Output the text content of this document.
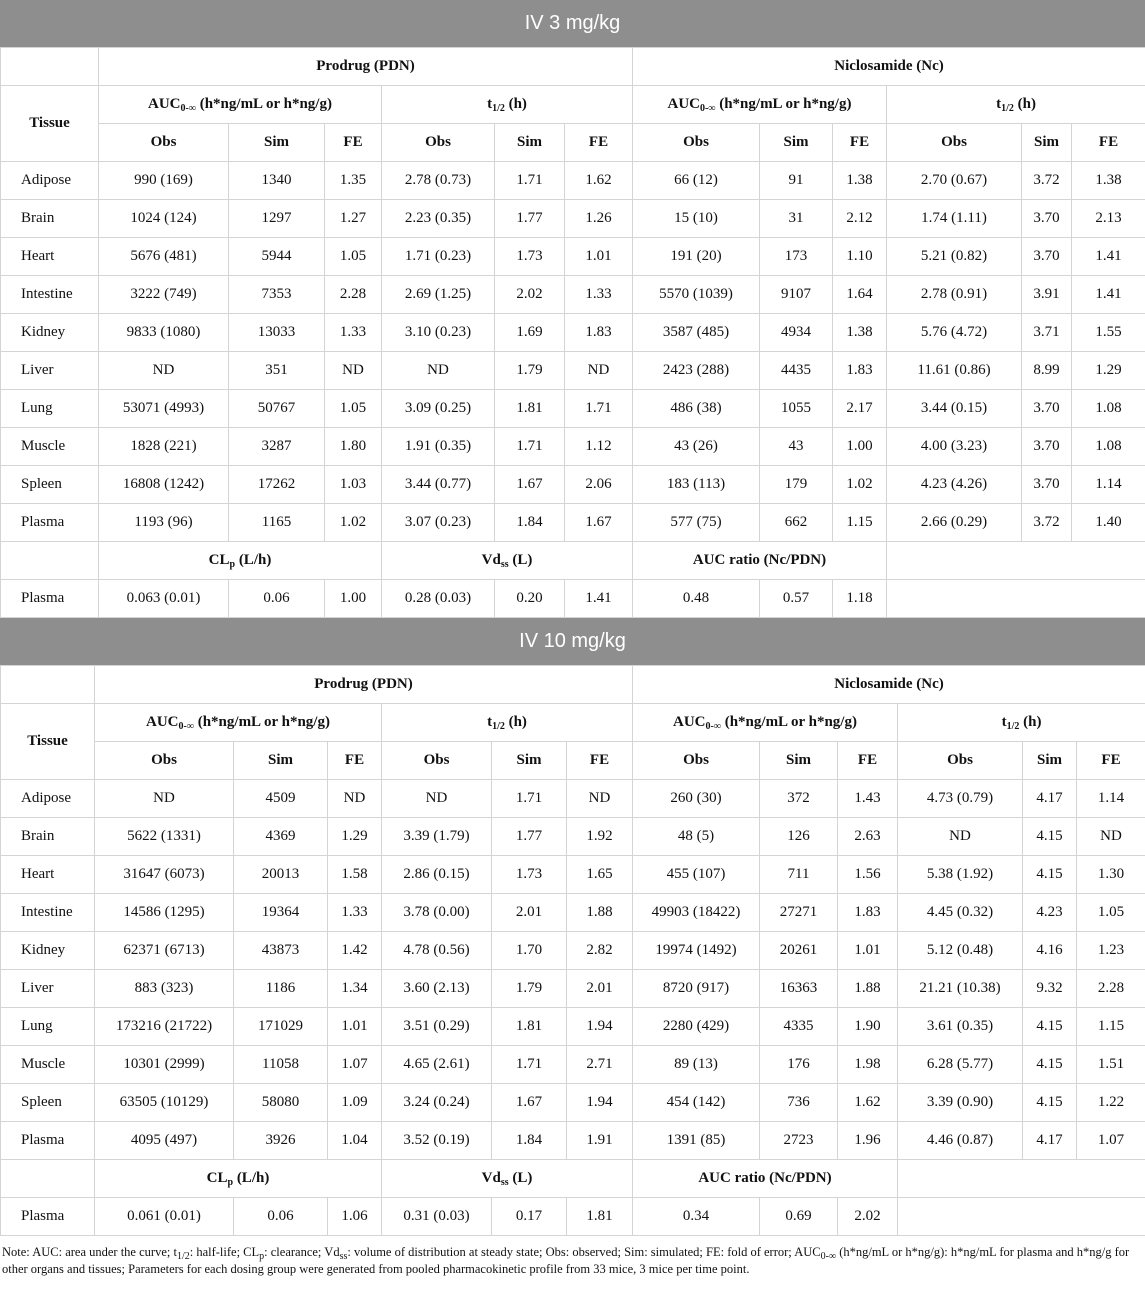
IV 3 mg/kg
	Prodrug (PDN)						Niclosamide (Nc)					
Tissue	$AUC_{0-\infty}$ (h*ng/mL or h*ng/g)			$t_{1/2}$ (h)			$AUC_{0-\infty}$ (h*ng/mL or h*ng/g)			$t_{1/2}$ (h)		
	Obs	Sim	FE	Obs	Sim	FE	Obs	Sim	FE	Obs	Sim	FE
Adipose	990 (169)	1340	1.35	2.78 (0.73)	1.71	1.62	66 (12)	91	1.38	2.70 (0.67)	3.72	1.38
Brain	1024 (124)	1297	1.27	2.23 (0.35)	1.77	1.26	15 (10)	31	2.12	1.74 (1.11)	3.70	2.13
Heart	5676 (481)	5944	1.05	1.71 (0.23)	1.73	1.01	191 (20)	173	1.10	5.21 (0.82)	3.70	1.41
Intestine	3222 (749)	7353	2.28	2.69 (1.25)	2.02	1.33	5570 (1039)	9107	1.64	2.78 (0.91)	3.91	1.41
Kidney	9833 (1080)	13033	1.33	3.10 (0.23)	1.69	1.83	3587 (485)	4934	1.38	5.76 (4.72)	3.71	1.55
Liver	ND	351	ND	ND	1.79	ND	2423 (288)	4435	1.83	11.61 (0.86)	8.99	1.29
Lung	53071 (4993)	50767	1.05	3.09 (0.25)	1.81	1.71	486 (38)	1055	2.17	3.44 (0.15)	3.70	1.08
Muscle	1828 (221)	3287	1.80	1.91 (0.35)	1.71	1.12	43 (26)	43	1.00	4.00 (3.23)	3.70	1.08
Spleen	16808 (1242)	17262	1.03	3.44 (0.77)	1.67	2.06	183 (113)	179	1.02	4.23 (4.26)	3.70	1.14
Plasma	1193 (96)	1165	1.02	3.07 (0.23)	1.84	1.67	577 (75)	662	1.15	2.66 (0.29)	3.72	1.40
	$CL_p$ (L/h)			$Vd_{ss}$ (L)			AUC ratio (Nc/PDN)					
Plasma	0.063 (0.01)	0.06	1.00	0.28 (0.03)	0.20	1.41	0.48	0.57	1.18			
IV 10 mg/kg
	Prodrug (PDN)						Niclosamide (Nc)					
Tissue	$AUC_{0-\infty}$ (h*ng/mL or h*ng/g)			$t_{1/2}$ (h)			$AUC_{0-\infty}$ (h*ng/mL or h*ng/g)			$t_{1/2}$ (h)		
	Obs	Sim	FE	Obs	Sim	FE	Obs	Sim	FE	Obs	Sim	FE
Adipose	ND	4509	ND	ND	1.71	ND	260 (30)	372	1.43	4.73 (0.79)	4.17	1.14
Brain	5622 (1331)	4369	1.29	3.39 (1.79)	1.77	1.92	48 (5)	126	2.63	ND	4.15	ND
Heart	31647 (6073)	20013	1.58	2.86 (0.15)	1.73	1.65	455 (107)	711	1.56	5.38 (1.92)	4.15	1.30
Intestine	14586 (1295)	19364	1.33	3.78 (0.00)	2.01	1.88	49903 (18422)	27271	1.83	4.45 (0.32)	4.23	1.05
Kidney	62371 (6713)	43873	1.42	4.78 (0.56)	1.70	2.82	19974 (1492)	20261	1.01	5.12 (0.48)	4.16	1.23
Liver	883 (323)	1186	1.34	3.60 (2.13)	1.79	2.01	8720 (917)	16363	1.88	21.21 (10.38)	9.32	2.28
Lung	173216 (21722)	171029	1.01	3.51 (0.29)	1.81	1.94	2280 (429)	4335	1.90	3.61 (0.35)	4.15	1.15
Muscle	10301 (2999)	11058	1.07	4.65 (2.61)	1.71	2.71	89 (13)	176	1.98	6.28 (5.77)	4.15	1.51
Spleen	63505 (10129)	58080	1.09	3.24 (0.24)	1.67	1.94	454 (142)	736	1.62	3.39 (0.90)	4.15	1.22
Plasma	4095 (497)	3926	1.04	3.52 (0.19)	1.84	1.91	1391 (85)	2723	1.96	4.46 (0.87)	4.17	1.07
	$CL_p$ (L/h)			$Vd_{ss}$ (L)			AUC ratio (Nc/PDN)					
Plasma	0.061 (0.01)	0.06	1.06	0.31 (0.03)	0.17	1.81	0.34	0.69	2.02			
Note: AUC: area under the curve; $t_{1/2}$: half-life; $CL_p$: clearance; $Vd_{ss}$: volume of distribution at steady state; Obs: observed; Sim: simulated; FE: fold of error; $AUC_{0-\infty}$ (h*ng/mL or h*ng/g): h*ng/mL for plasma and h*ng/g for other organs and tissues; Parameters for each dosing group were generated from pooled pharmacokinetic profile from 33 mice, 3 mice per time point.
